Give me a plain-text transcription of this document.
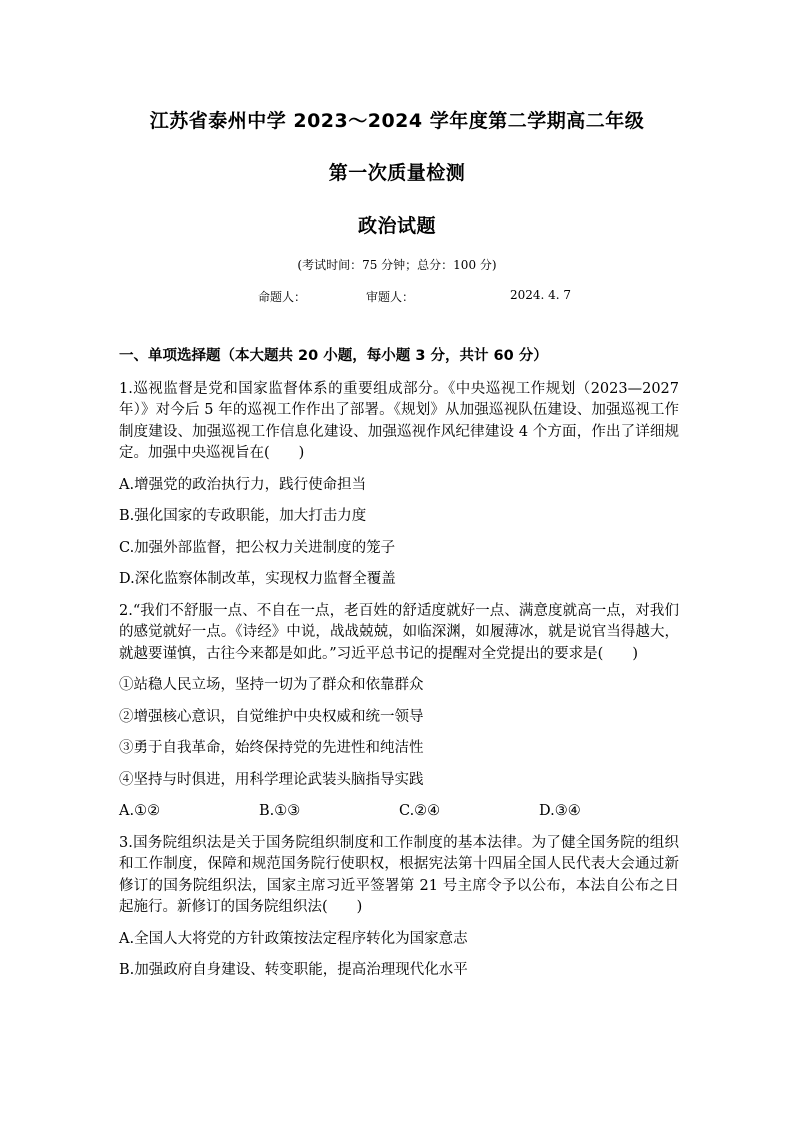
江苏省泰州中学 2023～2024 学年度第二学期高二年级
第一次质量检测
政治试题
(考试时间：75 分钟；总分：100 分)
命题人：	审题人：	2024. 4. 7
一、单项选择题（本大题共 20 小题，每小题 3 分，共计 60 分）
1.巡视监督是党和国家监督体系的重要组成部分。《中央巡视工作规划（2023—2027 年）》对今后 5 年的巡视工作作出了部署。《规划》从加强巡视队伍建设、加强巡视工作制度建设、加强巡视工作信息化建设、加强巡视作风纪律建设 4 个方面，作出了详细规定。加强中央巡视旨在(　　)
A.增强党的政治执行力，践行使命担当
B.强化国家的专政职能，加大打击力度
C.加强外部监督，把公权力关进制度的笼子
D.深化监察体制改革，实现权力监督全覆盖
2.“我们不舒服一点、不自在一点，老百姓的舒适度就好一点、满意度就高一点，对我们的感觉就好一点。《诗经》中说，战战兢兢，如临深渊，如履薄冰，就是说官当得越大，就越要谨慎，古往今来都是如此。”习近平总书记的提醒对全党提出的要求是(　　)
①站稳人民立场，坚持一切为了群众和依靠群众
②增强核心意识，自觉维护中央权威和统一领导
③勇于自我革命，始终保持党的先进性和纯洁性
④坚持与时俱进，用科学理论武装头脑指导实践
A.①②	B.①③	C.②④	D.③④
3.国务院组织法是关于国务院组织制度和工作制度的基本法律。为了健全国务院的组织和工作制度，保障和规范国务院行使职权，根据宪法第十四届全国人民代表大会通过新修订的国务院组织法，国家主席习近平签署第 21 号主席令予以公布，本法自公布之日起施行。新修订的国务院组织法(　　)
A.全国人大将党的方针政策按法定程序转化为国家意志
B.加强政府自身建设、转变职能，提高治理现代化水平
